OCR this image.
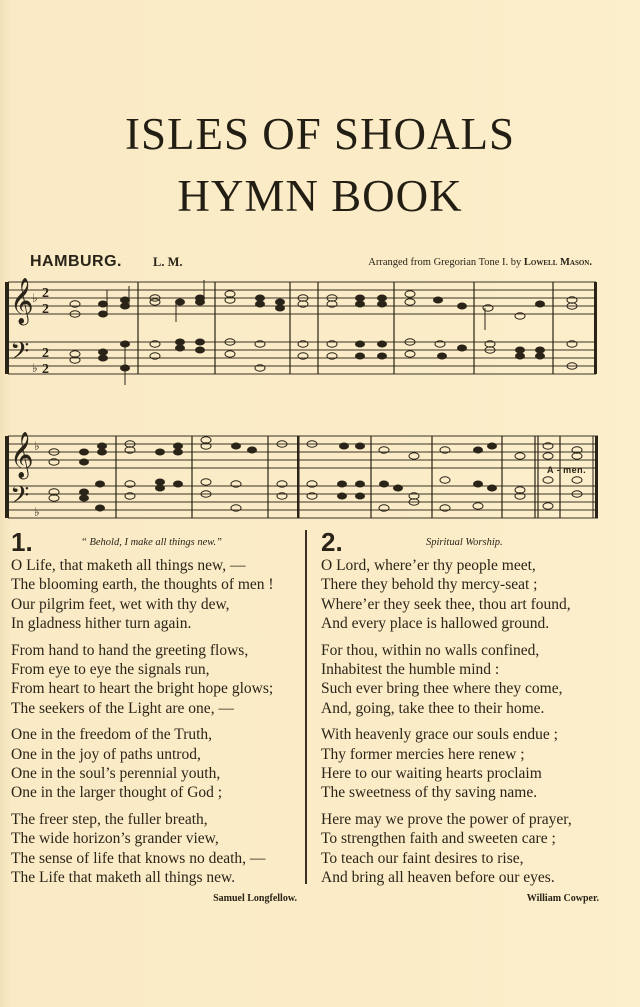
ISLES OF SHOALS
HYMN BOOK
HAMBURG. L. M.	Arranged from Gregorian Tone I. by Lowell Mason.
𝄞
𝄢
♭
♭
2
2
2
2
𝄞
𝄢
♭
♭
A - men.
1.	“ Behold, I make all things new.”
O Life, that maketh all things new, —
The blooming earth, the thoughts of men !
Our pilgrim feet, wet with thy dew,
In gladness hither turn again.
From hand to hand the greeting flows,
From eye to eye the signals run,
From heart to heart the bright hope glows;
The seekers of the Light are one, —
One in the freedom of the Truth,
One in the joy of paths untrod,
One in the soul’s perennial youth,
One in the larger thought of God ;
The freer step, the fuller breath,
The wide horizon’s grander view,
The sense of life that knows no death, —
The Life that maketh all things new.
Samuel Longfellow.
2.	Spiritual Worship.
O Lord, where’er thy people meet,
There they behold thy mercy-seat ;
Where’er they seek thee, thou art found,
And every place is hallowed ground.
For thou, within no walls confined,
Inhabitest the humble mind :
Such ever bring thee where they come,
And, going, take thee to their home.
With heavenly grace our souls endue ;
Thy former mercies here renew ;
Here to our waiting hearts proclaim
The sweetness of thy saving name.
Here may we prove the power of prayer,
To strengthen faith and sweeten care ;
To teach our faint desires to rise,
And bring all heaven before our eyes.
William Cowper.
